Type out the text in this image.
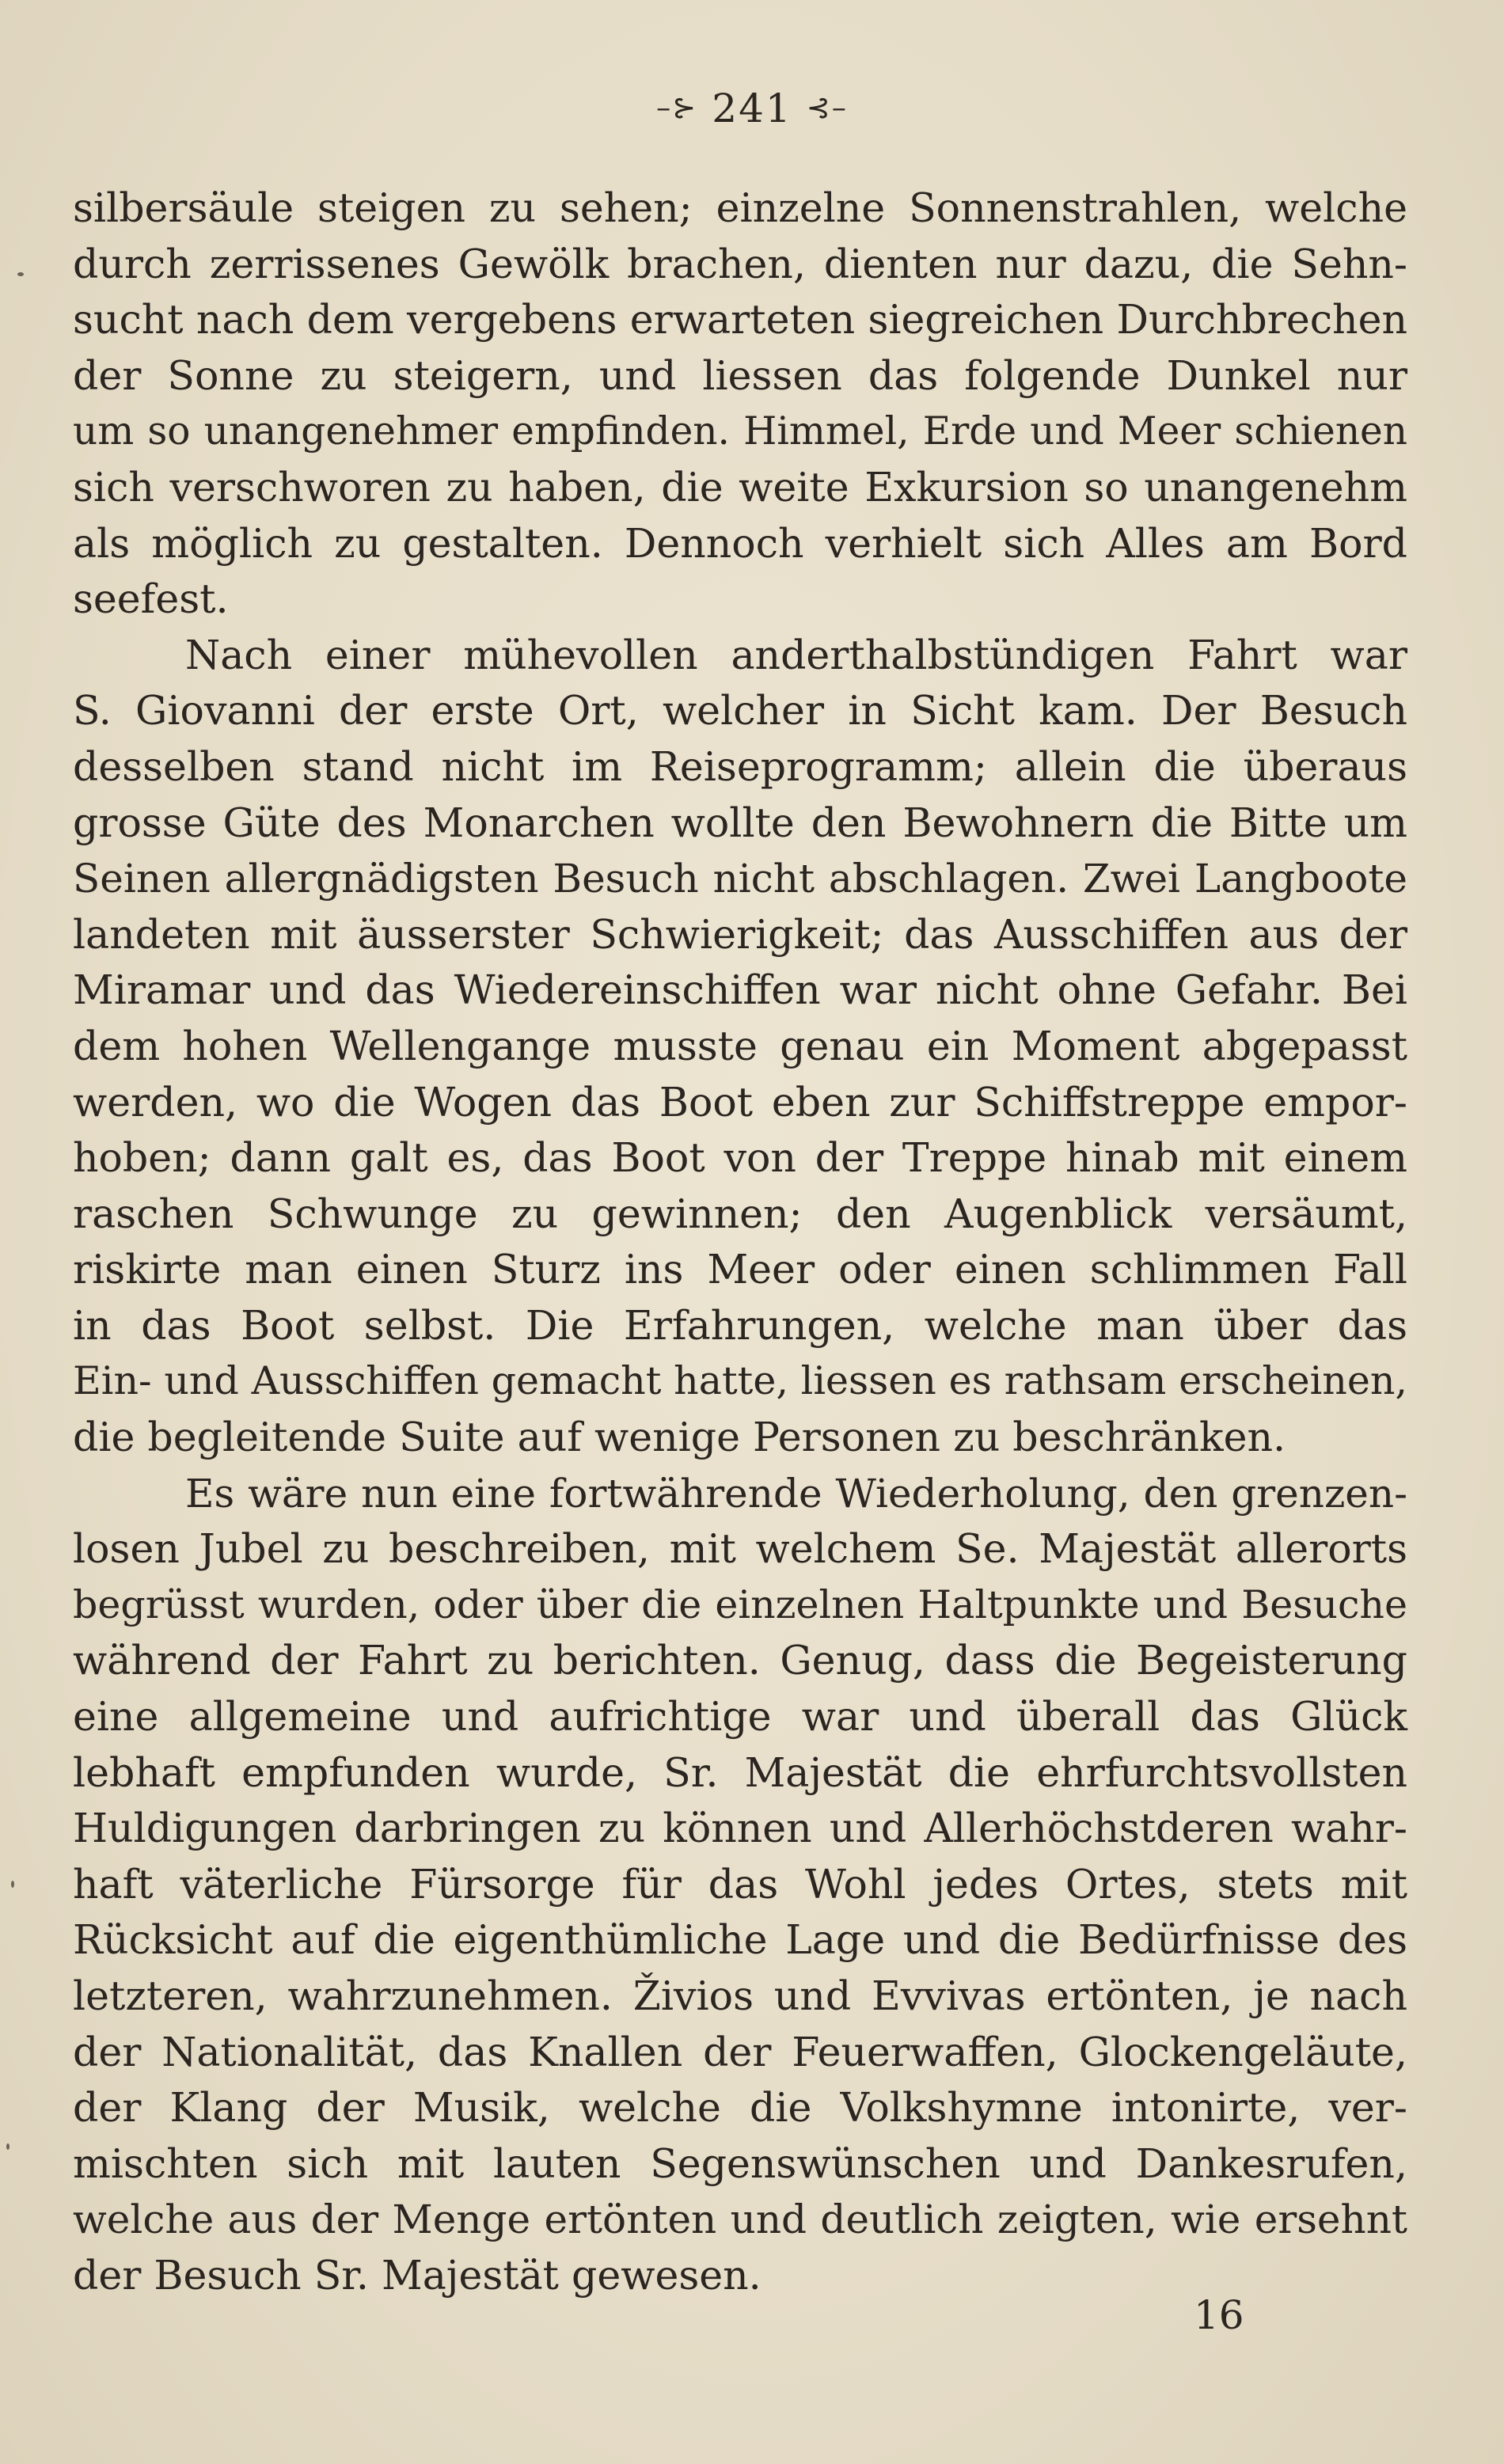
–⊱ 241 ⊰–
silbersäule steigen zu sehen; einzelne Sonnenstrahlen, welche
durch zerrissenes Gewölk brachen, dienten nur dazu, die Sehn-
sucht nach dem vergebens erwarteten siegreichen Durchbrechen
der Sonne zu steigern, und liessen das folgende Dunkel nur
um so unangenehmer empfinden. Himmel, Erde und Meer schienen
sich verschworen zu haben, die weite Exkursion so unangenehm
als möglich zu gestalten. Dennoch verhielt sich Alles am Bord
seefest.
Nach einer mühevollen anderthalbstündigen Fahrt war
S. Giovanni der erste Ort, welcher in Sicht kam. Der Besuch
desselben stand nicht im Reiseprogramm; allein die überaus
grosse Güte des Monarchen wollte den Bewohnern die Bitte um
Seinen allergnädigsten Besuch nicht abschlagen. Zwei Langboote
landeten mit äusserster Schwierigkeit; das Ausschiffen aus der
Miramar und das Wiedereinschiffen war nicht ohne Gefahr. Bei
dem hohen Wellengange musste genau ein Moment abgepasst
werden, wo die Wogen das Boot eben zur Schiffstreppe empor-
hoben; dann galt es, das Boot von der Treppe hinab mit einem
raschen Schwunge zu gewinnen; den Augenblick versäumt,
riskirte man einen Sturz ins Meer oder einen schlimmen Fall
in das Boot selbst. Die Erfahrungen, welche man über das
Ein- und Ausschiffen gemacht hatte, liessen es rathsam erscheinen,
die begleitende Suite auf wenige Personen zu beschränken.
Es wäre nun eine fortwährende Wiederholung, den grenzen-
losen Jubel zu beschreiben, mit welchem Se. Majestät allerorts
begrüsst wurden, oder über die einzelnen Haltpunkte und Besuche
während der Fahrt zu berichten. Genug, dass die Begeisterung
eine allgemeine und aufrichtige war und überall das Glück
lebhaft empfunden wurde, Sr. Majestät die ehrfurchtsvollsten
Huldigungen darbringen zu können und Allerhöchstderen wahr-
haft väterliche Fürsorge für das Wohl jedes Ortes, stets mit
Rücksicht auf die eigenthümliche Lage und die Bedürfnisse des
letzteren, wahrzunehmen. Živios und Evvivas ertönten, je nach
der Nationalität, das Knallen der Feuerwaffen, Glockengeläute,
der Klang der Musik, welche die Volkshymne intonirte, ver-
mischten sich mit lauten Segenswünschen und Dankesrufen,
welche aus der Menge ertönten und deutlich zeigten, wie ersehnt
der Besuch Sr. Majestät gewesen.
16
